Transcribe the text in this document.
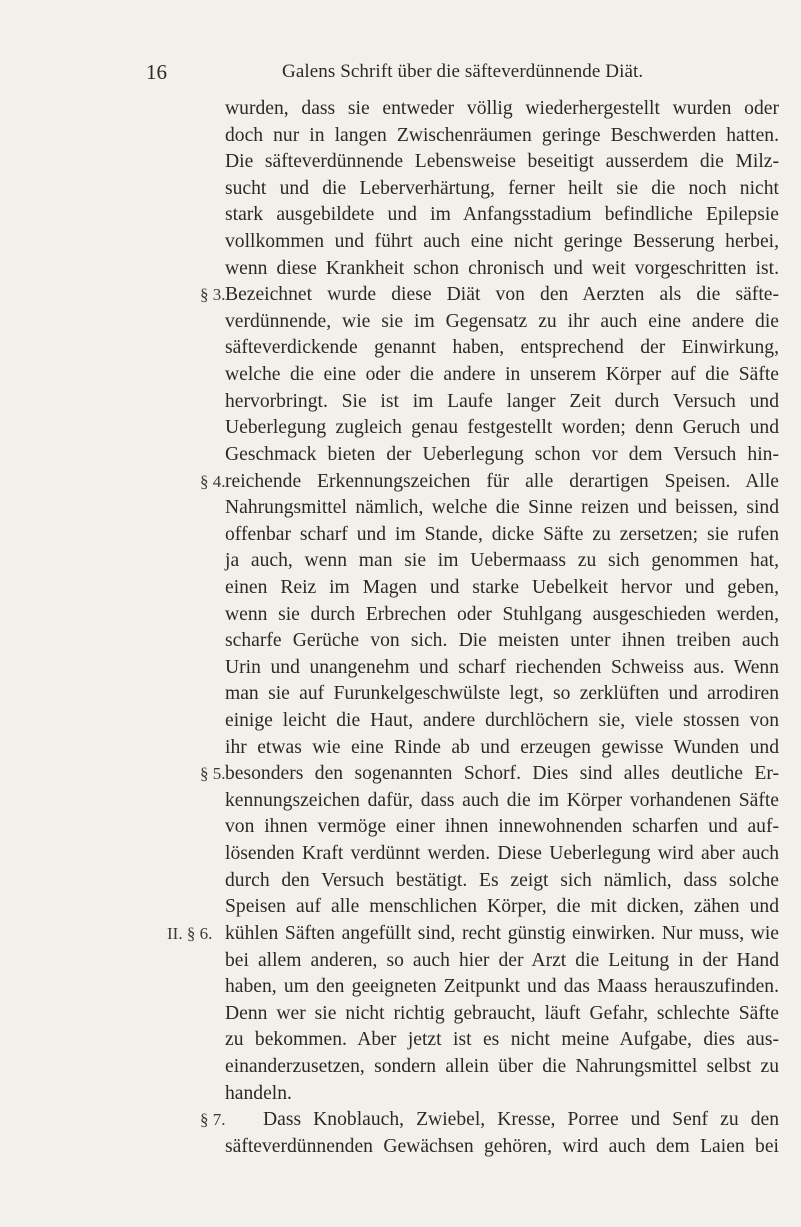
16	Galens Schrift über die säfteverdünnende Diät.
wurden, dass sie entweder völlig wiederhergestellt wurden oder
doch nur in langen Zwischenräumen geringe Beschwerden hatten.
Die säfteverdünnende Lebensweise beseitigt ausserdem die Milz-
sucht und die Leberverhärtung, ferner heilt sie die noch nicht
stark ausgebildete und im Anfangsstadium befindliche Epilepsie
vollkommen und führt auch eine nicht geringe Besserung herbei,
wenn diese Krankheit schon chronisch und weit vorgeschritten ist.
§ 3. Bezeichnet wurde diese Diät von den Aerzten als die säfte-
verdünnende, wie sie im Gegensatz zu ihr auch eine andere die
säfteverdickende genannt haben, entsprechend der Einwirkung,
welche die eine oder die andere in unserem Körper auf die Säfte
hervorbringt. Sie ist im Laufe langer Zeit durch Versuch und
Ueberlegung zugleich genau festgestellt worden; denn Geruch und
Geschmack bieten der Ueberlegung schon vor dem Versuch hin-
§ 4. reichende Erkennungszeichen für alle derartigen Speisen. Alle
Nahrungsmittel nämlich, welche die Sinne reizen und beissen, sind
offenbar scharf und im Stande, dicke Säfte zu zersetzen; sie rufen
ja auch, wenn man sie im Uebermaass zu sich genommen hat,
einen Reiz im Magen und starke Uebelkeit hervor und geben,
wenn sie durch Erbrechen oder Stuhlgang ausgeschieden werden,
scharfe Gerüche von sich. Die meisten unter ihnen treiben auch
Urin und unangenehm und scharf riechenden Schweiss aus. Wenn
man sie auf Furunkelgeschwülste legt, so zerklüften und arrodiren
einige leicht die Haut, andere durchlöchern sie, viele stossen von
ihr etwas wie eine Rinde ab und erzeugen gewisse Wunden und
§ 5. besonders den sogenannten Schorf. Dies sind alles deutliche Er-
kennungszeichen dafür, dass auch die im Körper vorhandenen Säfte
von ihnen vermöge einer ihnen innewohnenden scharfen und auf-
lösenden Kraft verdünnt werden. Diese Ueberlegung wird aber auch
durch den Versuch bestätigt. Es zeigt sich nämlich, dass solche
Speisen auf alle menschlichen Körper, die mit dicken, zähen und
II. § 6. kühlen Säften angefüllt sind, recht günstig einwirken. Nur muss, wie
bei allem anderen, so auch hier der Arzt die Leitung in der Hand
haben, um den geeigneten Zeitpunkt und das Maass herauszufinden.
Denn wer sie nicht richtig gebraucht, läuft Gefahr, schlechte Säfte
zu bekommen. Aber jetzt ist es nicht meine Aufgabe, dies aus-
einanderzusetzen, sondern allein über die Nahrungsmittel selbst zu
handeln.
§ 7.	Dass Knoblauch, Zwiebel, Kresse, Porree und Senf zu den
säfteverdünnenden Gewächsen gehören, wird auch dem Laien bei
